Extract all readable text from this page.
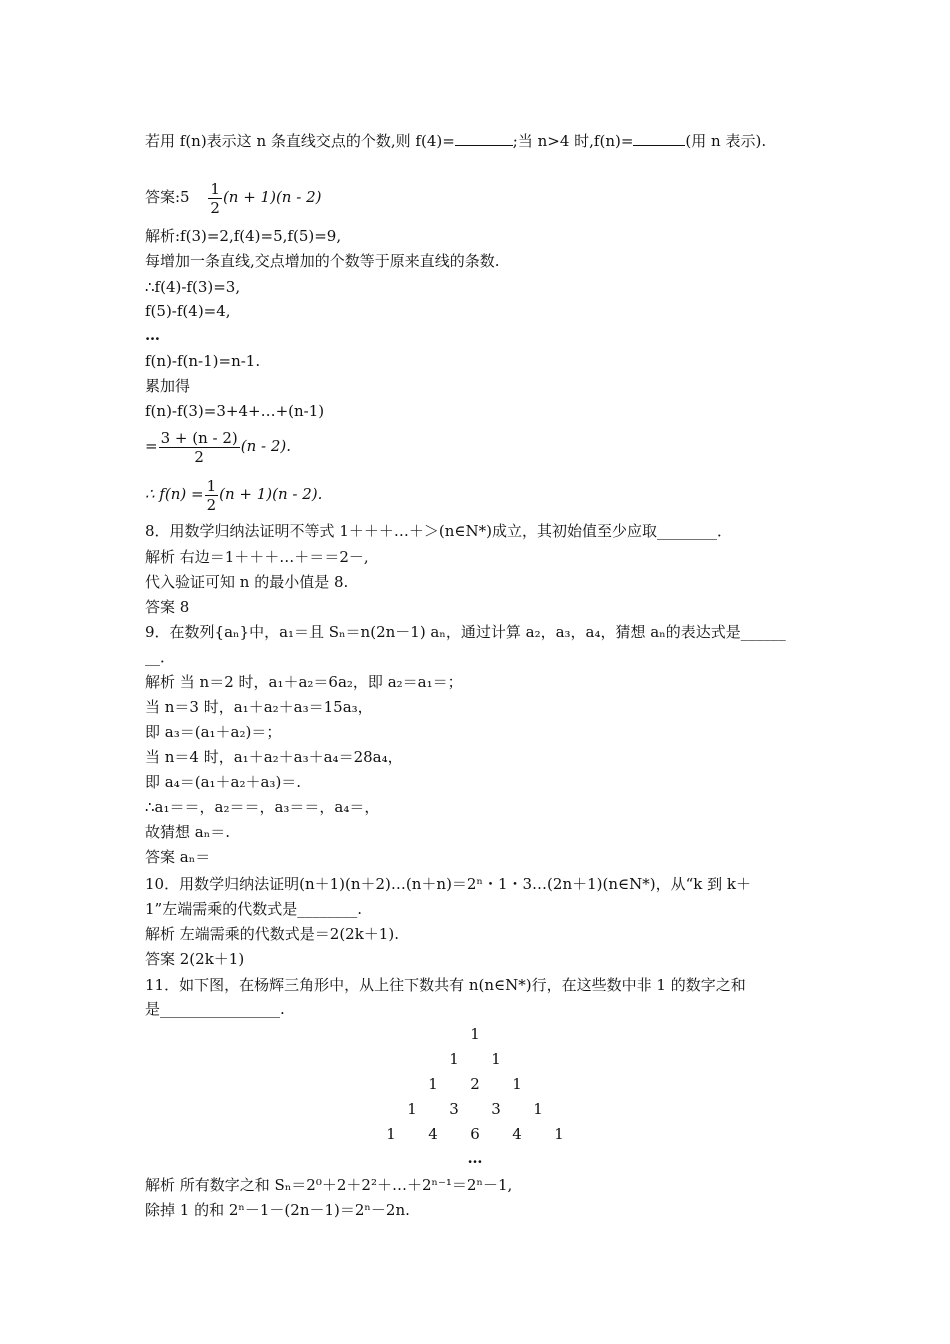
若用 f(n)表示这 n 条直线交点的个数,则 f(4)=	;当 n>4 时,f(n)=	(用 n 表示).
答案:5 $\frac{1}{2} (n + 1)(n - 2)$
解析:f(3)=2,f(4)=5,f(5)=9,
每增加一条直线,交点增加的个数等于原来直线的条数.
∴f(4)-f(3)=3,
f(5)-f(4)=4,
…
f(n)-f(n-1)=n-1.
累加得
f(n)-f(3)=3+4+…+(n-1)
= $\frac{3 + (n - 2)}{2} (n - 2)$.
∴ $f(n) = \frac{1}{2} (n + 1)(n - 2)$.
8．用数学归纳法证明不等式 1＋＋＋…＋＞(n∈N*)成立，其初始值至少应取________．
解析 右边＝1＋＋＋…＋＝＝2－,
代入验证可知 n 的最小值是 8.
答案 8
9．在数列{aₙ}中，a₁＝且 Sₙ＝n(2n－1) aₙ，通过计算 a₂，a₃，a₄，猜想 aₙ的表达式是______
__．
解析 当 n＝2 时，a₁＋a₂＝6a₂，即 a₂＝a₁＝；
当 n＝3 时，a₁＋a₂＋a₃＝15a₃，
即 a₃＝(a₁＋a₂)＝；
当 n＝4 时，a₁＋a₂＋a₃＋a₄＝28a₄，
即 a₄＝(a₁＋a₂＋a₃)＝.
∴a₁＝＝，a₂＝＝，a₃＝＝，a₄＝，
故猜想 aₙ＝.
答案 aₙ＝
10．用数学归纳法证明(n＋1)(n＋2)…(n＋n)＝2ⁿ・1・3…(2n＋1)(n∈N*)，从“k 到 k＋
1”左端需乘的代数式是________.
解析 左端需乘的代数式是＝2(2k＋1).
答案 2(2k＋1)
11．如下图，在杨辉三角形中，从上往下数共有 n(n∈N*)行，在这些数中非 1 的数字之和
是________________.
1
1	1
1	2	1
1	3	3	1
1	4	6	4	1
…
解析 所有数字之和 Sₙ＝2⁰＋2＋2²＋…＋2ⁿ⁻¹＝2ⁿ－1,
除掉 1 的和 2ⁿ－1－(2n－1)＝2ⁿ－2n.
